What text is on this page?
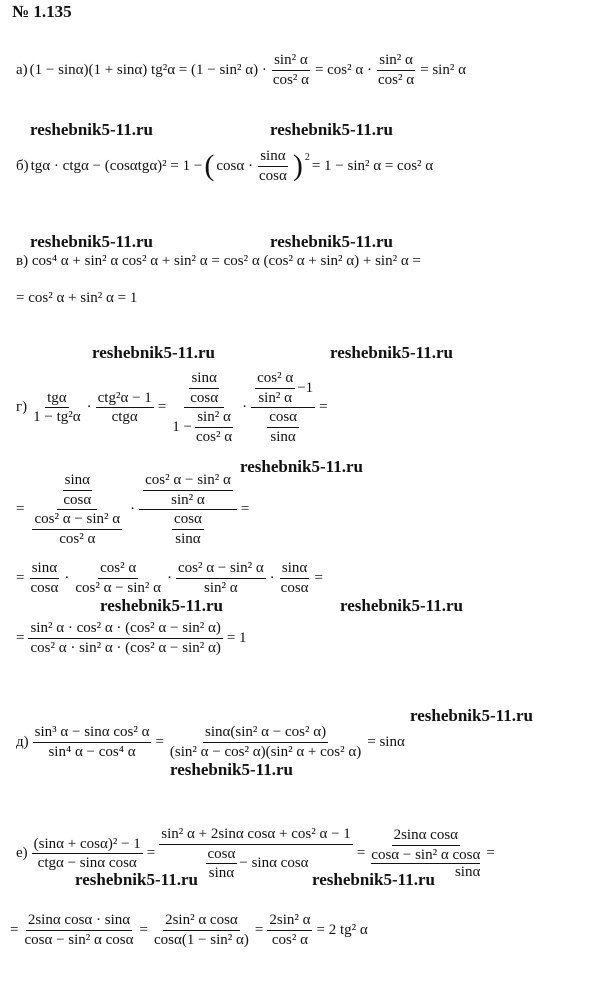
№ 1.135
а) (1 − sinα)(1 + sinα) tg²α = (1 − sin² $\alpha) \cdot \frac{\text{sin² α}}{\text{cos² α}} = \cos^2$ $\alpha \cdot \frac{\text{sin² α}}{\text{cos² α}} = \sin^2$ α
reshebnik5-11.ru	reshebnik5-11.ru
б) tgα · ctgα − (cosαtgα)² = 1 − ( $\cos\alpha \cdot \frac{\sin\alpha}{\cos\alpha} )^2 = 1 - \sin^2$ α = cos² α
reshebnik5-11.ru	reshebnik5-11.ru
в) cos⁴ α + sin² α cos² α + sin² α = cos² α (cos² α + sin² α) + sin² α =
= cos² α + sin² α = 1
reshebnik5-11.ru	reshebnik5-11.ru
$г) \frac{\text{tgα}}{\text{1 − tg²α}} \cdot \frac{\text{ctg²α − 1}}{\text{ctgα}} = \frac{\frac{\sin\alpha}{\cos\alpha}}{1 - \frac{\text{sin² α}}{\text{cos² α}}} \cdot \frac{\frac{\text{cos² α}}{\text{sin² α}} -1}{\frac{\cos\alpha}{\sin\alpha}}$ =
reshebnik5-11.ru
= $\frac{\frac{\sin\alpha}{\cos\alpha}}{\frac{\text{cos² α − sin² α}}{\text{cos² α}}} \cdot \frac{\frac{\text{cos² α − sin² α}}{\text{sin² α}}}{\frac{\cos\alpha}{\sin\alpha}}$ =
= $\frac{\sin\alpha}{\cos\alpha} \cdot \frac{\text{cos² α}}{\text{cos² α − sin² α}} \cdot \frac{\text{cos² α − sin² α}}{\text{sin² α}} \cdot \frac{\sin\alpha}{\cos\alpha}$ =
reshebnik5-11.ru	reshebnik5-11.ru
= $\frac{\text{sin² α · cos² α · (cos² α − sin² α)}}{\text{cos² α · sin² α · (cos² α − sin² α)}} = 1$
reshebnik5-11.ru
$д) \frac{\text{sin³ α − sinα cos² α}}{\text{sin⁴ α − cos⁴ α}} = \frac{\text{sinα(sin² α − cos² α)}}{\text{(sin² α − cos² α)(sin² α + cos² α)}} = \sin\alpha$
reshebnik5-11.ru
$е) \frac{\text{(sinα + cosα)² − 1}}{\text{ctgα − sinα cosα}} = \frac{\text{sin² α + 2sinα cosα + cos² α − 1}}{\frac{\cos\alpha}{\sin\alpha} - \sin\alpha \cos\alpha} = 2\sin\alpha$ cosα
cosα − sin² α cosα
sinα =
reshebnik5-11.ru	reshebnik5-11.ru
= $\frac{\text{2sinα cosα · sinα}}{\text{cosα − sin² α cosα}} = \frac{\text{2sin² α cosα}}{\text{cosα(1 − sin² α)}} = \frac{\text{2sin² α}}{\text{cos² α}} = 2$ tg² α
